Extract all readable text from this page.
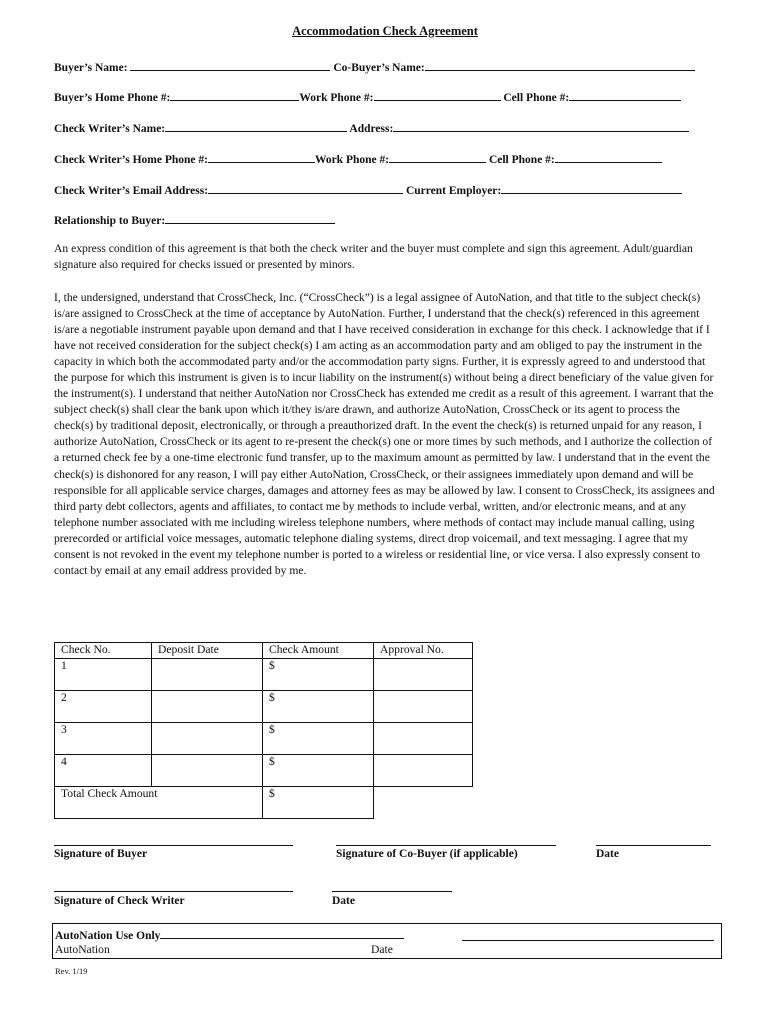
Accommodation Check Agreement
Buyer’s Name:	Co-Buyer’s Name:
Buyer’s Home Phone #:	Work Phone #:	Cell Phone #:
Check Writer’s Name:	Address:
Check Writer’s Home Phone #:	Work Phone #:	Cell Phone #:
Check Writer’s Email Address:	Current Employer:
Relationship to Buyer:
An express condition of this agreement is that both the check writer and the buyer must complete and sign this agreement. Adult/guardian signature also required for checks issued or presented by minors.
I, the undersigned, understand that CrossCheck, Inc. (“CrossCheck”) is a legal assignee of AutoNation, and that title to the subject check(s) is/are assigned to CrossCheck at the time of acceptance by AutoNation. Further, I understand that the check(s) referenced in this agreement is/are a negotiable instrument payable upon demand and that I have received consideration in exchange for this check. I acknowledge that if I have not received consideration for the subject check(s) I am acting as an accommodation party and am obliged to pay the instrument in the capacity in which both the accommodated party and/or the accommodation party signs. Further, it is expressly agreed to and understood that the purpose for which this instrument is given is to incur liability on the instrument(s) without being a direct beneficiary of the value given for the instrument(s). I understand that neither AutoNation nor CrossCheck has extended me credit as a result of this agreement. I warrant that the subject check(s) shall clear the bank upon which it/they is/are drawn, and authorize AutoNation, CrossCheck or its agent to process the check(s) by traditional deposit, electronically, or through a preauthorized draft. In the event the check(s) is returned unpaid for any reason, I authorize AutoNation, CrossCheck or its agent to re-present the check(s) one or more times by such methods, and I authorize the collection of a returned check fee by a one-time electronic fund transfer, up to the maximum amount as permitted by law. I understand that in the event the check(s) is dishonored for any reason, I will pay either AutoNation, CrossCheck, or their assignees immediately upon demand and will be responsible for all applicable service charges, damages and attorney fees as may be allowed by law. I consent to CrossCheck, its assignees and third party debt collectors, agents and affiliates, to contact me by methods to include verbal, written, and/or electronic means, and at any telephone number associated with me including wireless telephone numbers, where methods of contact may include manual calling, using prerecorded or artificial voice messages, automatic telephone dialing systems, direct drop voicemail, and text messaging. I agree that my consent is not revoked in the event my telephone number is ported to a wireless or residential line, or vice versa. I also expressly consent to contact by email at any email address provided by me.
Check No.	Deposit Date	Check Amount	Approval No.
1		$	
2		$	
3		$	
4		$	
Total Check Amount		$	
Signature of Buyer	Signature of Co-Buyer (if applicable)	Date
Signature of Check Writer	Date
AutoNation Use Only
AutoNation	Date
Rev. 1/19
